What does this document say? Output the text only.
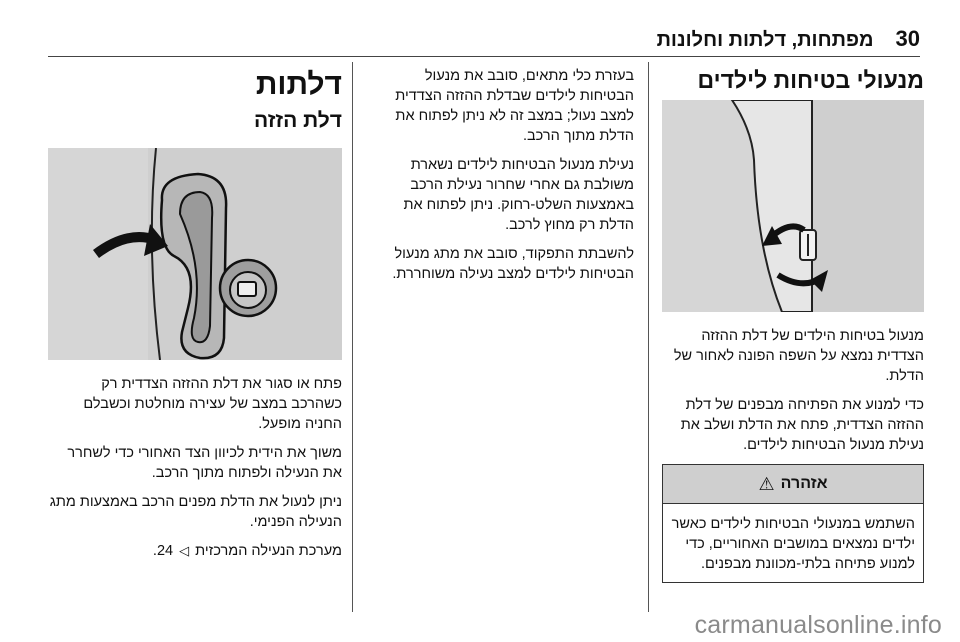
30
מפתחות, דלתות וחלונות
מנעולי בטיחות לילדים

מנעול בטיחות הילדים של דלת ההזזה הצדדית נמצא על השפה הפונה לאחור של הדלת.

כדי למנוע את הפתיחה מבפנים של דלת ההזזה הצדדית, פתח את הדלת ושלב את נעילת מנעול הבטיחות לילדים.

אזהרה
⚠
השתמש במנעולי הבטיחות לילדים כאשר ילדים נמצאים במושבים האחוריים, כדי למנוע פתיחה בלתי-מכוונת מבפנים.

בעזרת כלי מתאים, סובב את מנעול הבטיחות לילדים שבדלת ההזזה הצדדית למצב נעול; במצב זה לא ניתן לפתוח את הדלת מתוך הרכב.

נעילת מנעול הבטיחות לילדים נשארת משולבת גם אחרי שחרור נעילת הרכב באמצעות השלט-רחוק. ניתן לפתוח את הדלת רק מחוץ לרכב.

להשבתת התפקוד, סובב את מתג מנעול הבטיחות לילדים למצב נעילה משוחררת.

דלתות
דלת הזזה

פתח או סגור את דלת ההזזה הצדדית רק כשהרכב במצב של עצירה מוחלטת וכשבלם החניה מופעל.

משוך את הידית לכיוון הצד האחורי כדי לשחרר את הנעילה ולפתוח מתוך הרכב.

ניתן לנעול את הדלת מפנים הרכב באמצעות מתג הנעילה הפנימי.

מערכת הנעילה המרכזית ◁ 24.

carmanualsonline.info
